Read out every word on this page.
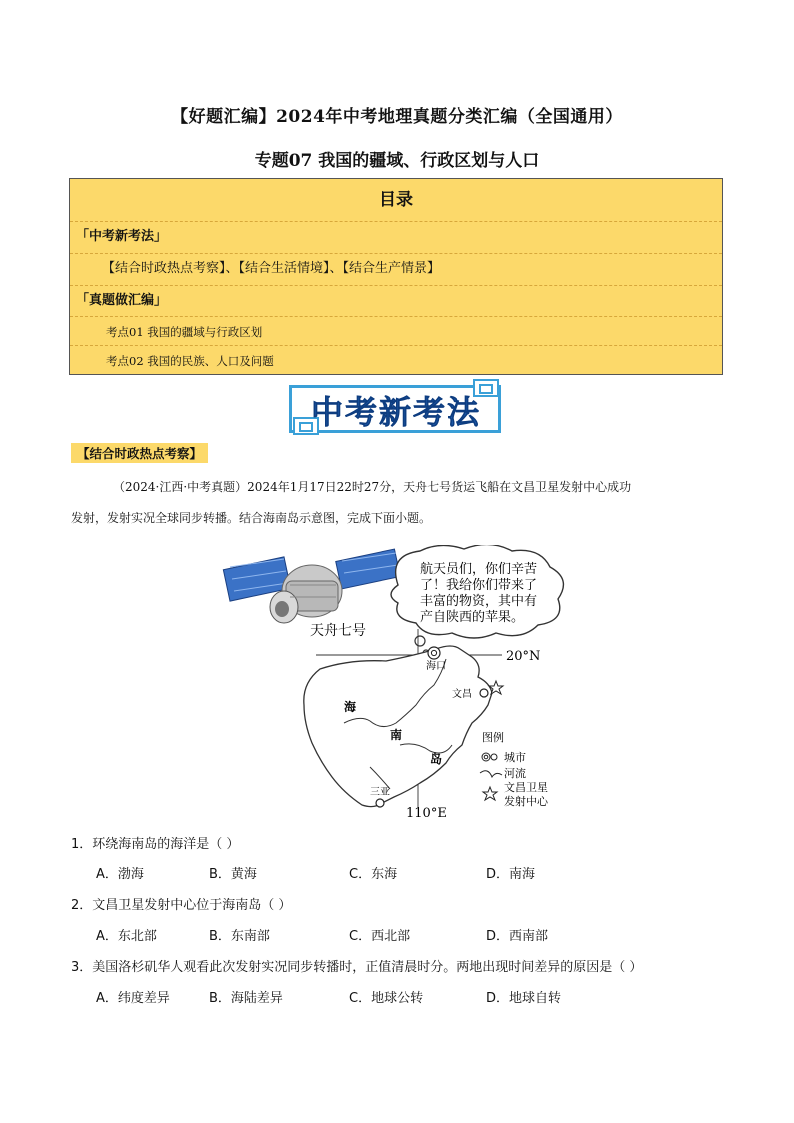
【好题汇编】2024年中考地理真题分类汇编（全国通用）
专题07 我国的疆域、行政区划与人口
目录
「中考新考法」
【结合时政热点考察】、【结合生活情境】、【结合生产情景】
「真题做汇编」
考点01 我国的疆域与行政区划
考点02 我国的民族、人口及问题
中考新考法
【结合时政热点考察】
（2024·江西·中考真题）2024年1月17日22时27分，天舟七号货运飞船在文昌卫星发射中心成功
发射，发射实况全球同步转播。结合海南岛示意图，完成下面小题。
天舟七号
航天员们，你们辛苦
了！我给你们带来了
丰富的物资，其中有
产自陕西的苹果。
20°N
110°E
海口
文昌
三亚
海
南
岛
图例
城市
河流
文昌卫星
发射中心
1．环绕海南岛的海洋是（ ）
A．渤海	B．黄海	C．东海	D．南海
2．文昌卫星发射中心位于海南岛（ ）
A．东北部	B．东南部	C．西北部	D．西南部
3．美国洛杉矶华人观看此次发射实况同步转播时，正值清晨时分。两地出现时间差异的原因是（ ）
A．纬度差异	B．海陆差异	C．地球公转	D．地球自转
